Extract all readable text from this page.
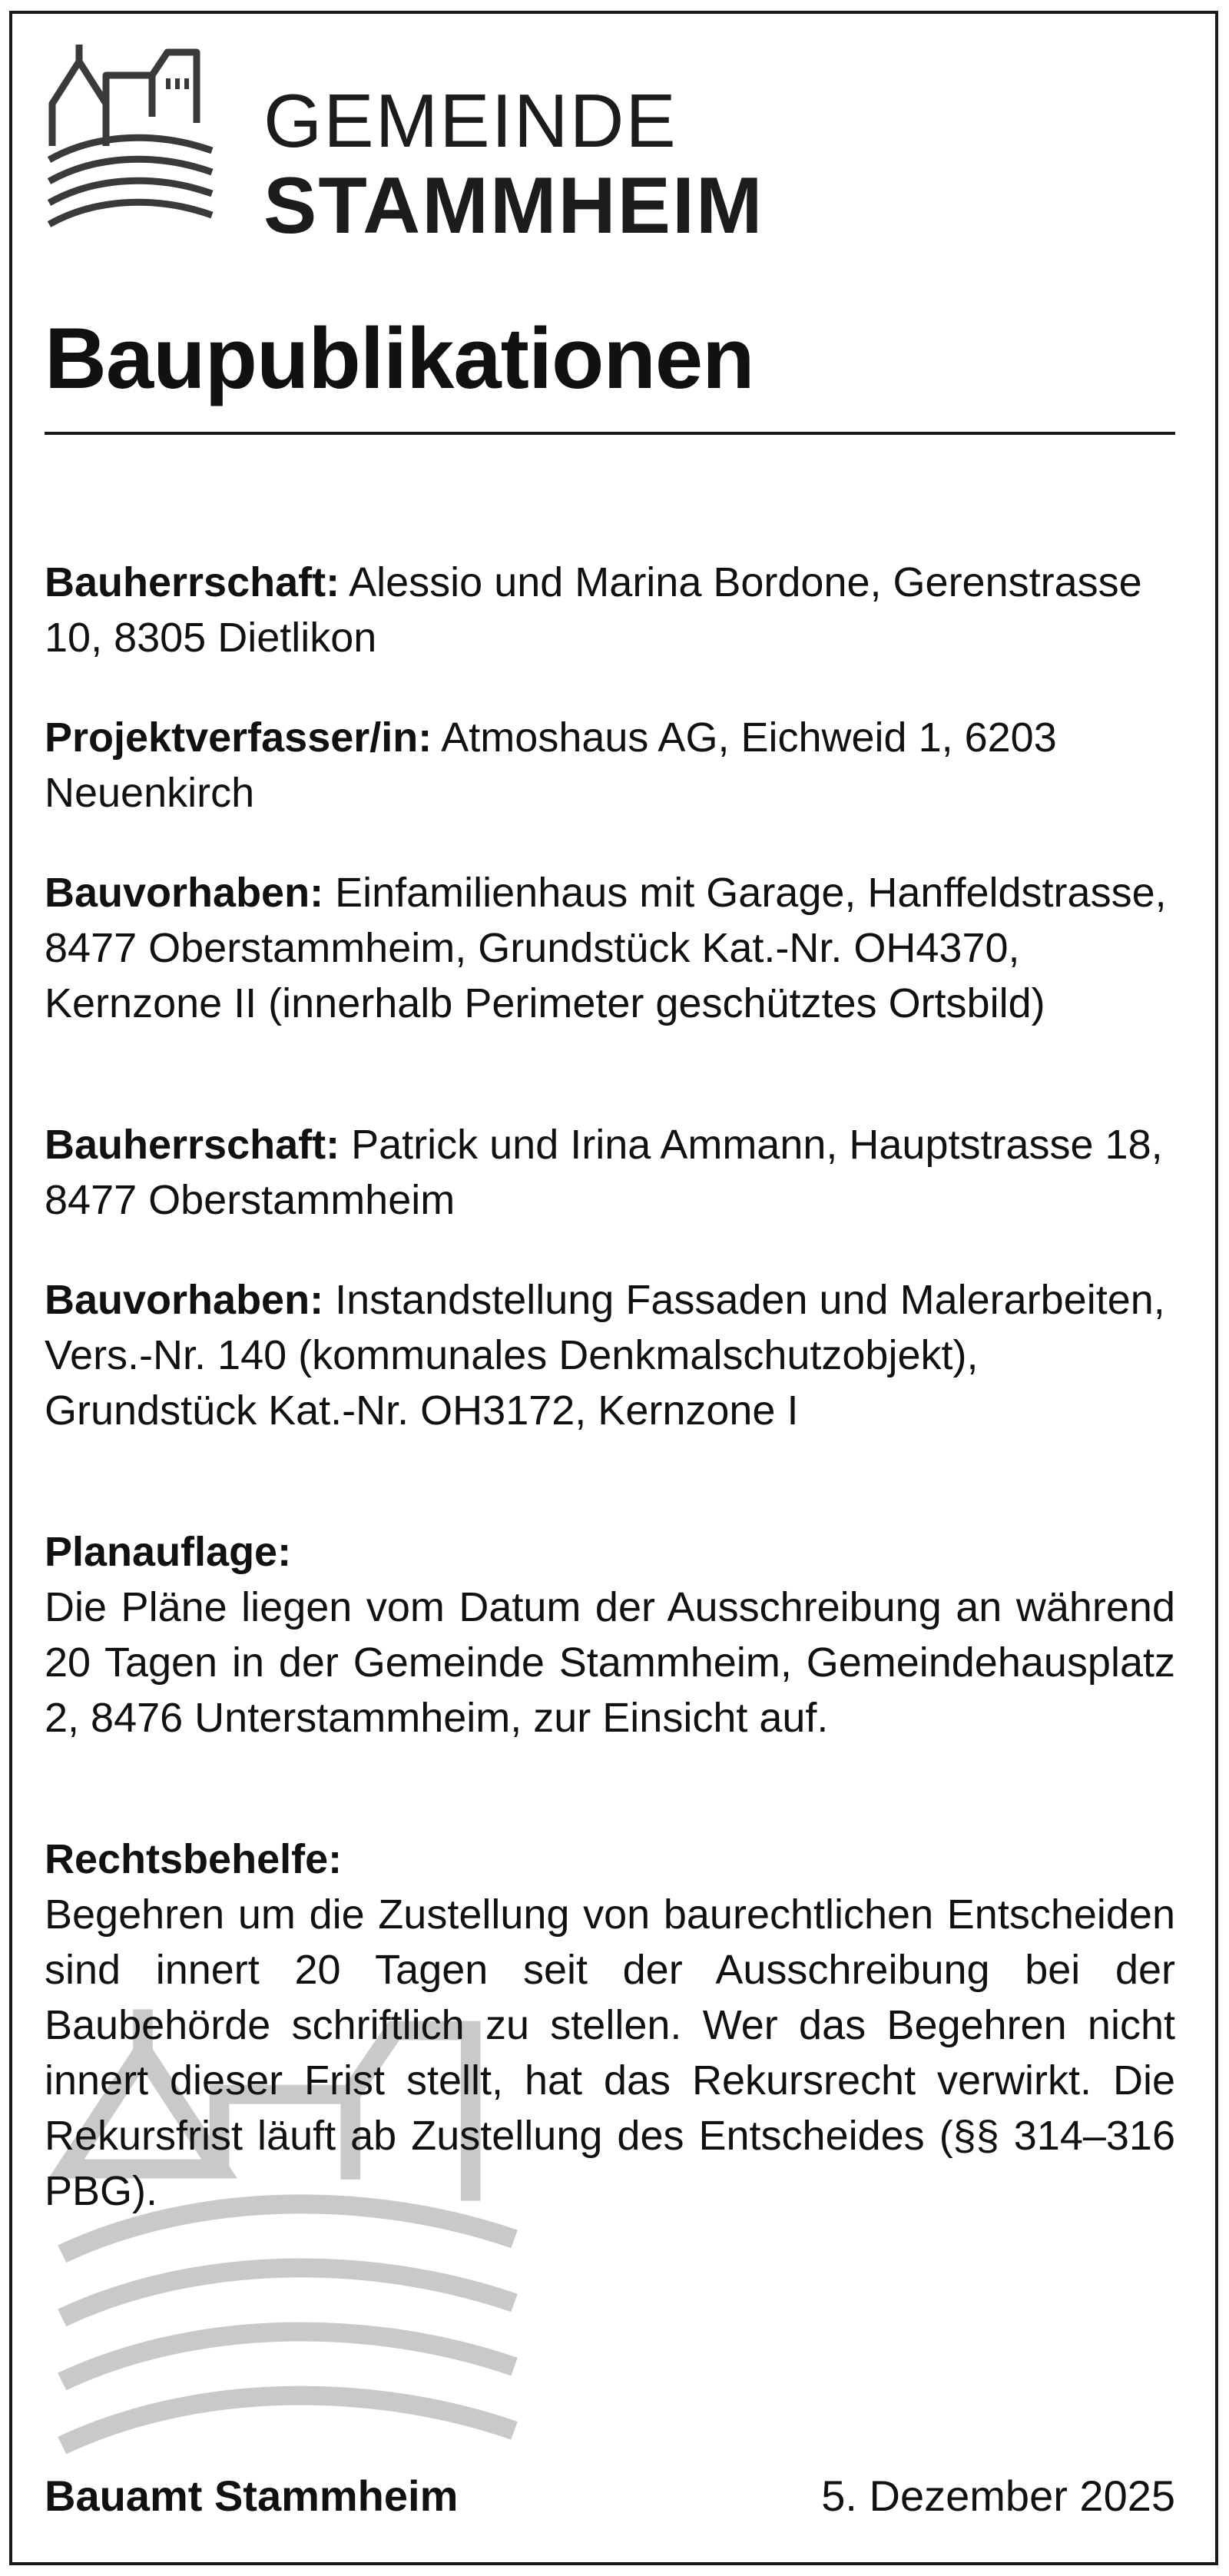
GEMEINDE
STAMMHEIM
Baupublikationen

Bauherrschaft: Alessio und Marina Bordone, Gerenstrasse 10, 8305 Dietlikon

Projektverfasser/in: Atmoshaus AG, Eichweid 1, 6203 Neuenkirch

Bauvorhaben: Einfamilienhaus mit Garage, Hanffeldstrasse, 8477 Oberstammheim, Grundstück Kat.-Nr. OH4370, Kernzone II (innerhalb Perimeter geschütztes Ortsbild)

Bauherrschaft: Patrick und Irina Ammann, Hauptstrasse 18, 8477 Oberstammheim

Bauvorhaben: Instandstellung Fassaden und Malerarbeiten, Vers.-Nr. 140 (kommunales Denkmalschutzobjekt), Grundstück Kat.-Nr. OH3172, Kernzone I

Planauflage:
Die Pläne liegen vom Datum der Ausschreibung an während 20 Tagen in der Gemeinde Stammheim, Gemeindehausplatz 2, 8476 Unterstammheim, zur Einsicht auf.
Rechtsbehelfe:
Begehren um die Zustellung von baurechtlichen Entscheiden sind innert 20 Tagen seit der Ausschreibung bei der Baubehörde schriftlich zu stellen. Wer das Begehren nicht innert dieser Frist stellt, hat das Rekursrecht verwirkt. Die Rekursfrist läuft ab Zustellung des Entscheides (§§ 314–316 PBG).
Bauamt Stammheim	5. Dezember 2025
